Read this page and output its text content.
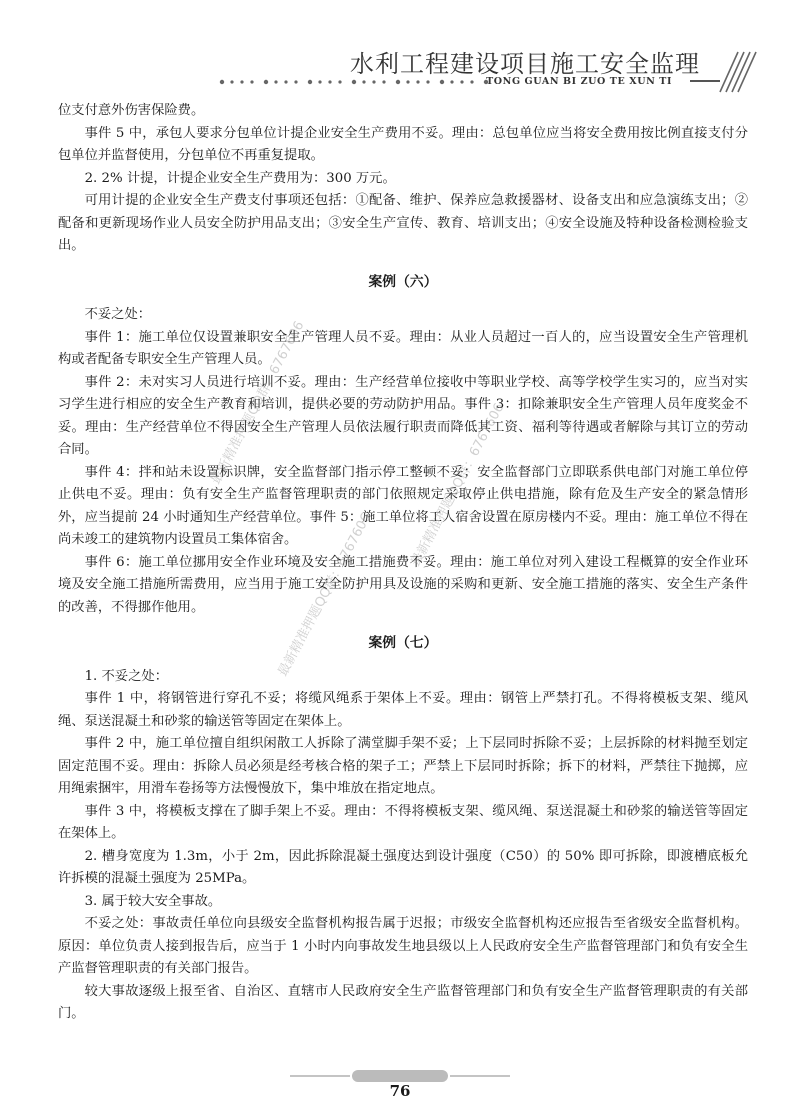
水利工程建设项目施工安全监理
TONG GUAN BI ZUO TE XUN TI

位支付意外伤害保险费。

事件 5 中，承包人要求分包单位计提企业安全生产费用不妥。理由：总包单位应当将安全费用按比例直接支付分包单位并监督使用，分包单位不再重复提取。

2. 2% 计提，计提企业安全生产费用为：300 万元。

可用计提的企业安全生产费支付事项还包括：①配备、维护、保养应急救援器材、设备支出和应急演练支出；②配备和更新现场作业人员安全防护用品支出；③安全生产宣传、教育、培训支出；④安全设施及特种设备检测检验支出。

案例（六）

不妥之处：

事件 1：施工单位仅设置兼职安全生产管理人员不妥。理由：从业人员超过一百人的，应当设置安全生产管理机构或者配备专职安全生产管理人员。

事件 2：未对实习人员进行培训不妥。理由：生产经营单位接收中等职业学校、高等学校学生实习的，应当对实习学生进行相应的安全生产教育和培训，提供必要的劳动防护用品。事件 3：扣除兼职安全生产管理人员年度奖金不妥。理由：生产经营单位不得因安全生产管理人员依法履行职责而降低其工资、福利等待遇或者解除与其订立的劳动合同。

事件 4：拌和站未设置标识牌，安全监督部门指示停工整顿不妥；安全监督部门立即联系供电部门对施工单位停止供电不妥。理由：负有安全生产监督管理职责的部门依照规定采取停止供电措施，除有危及生产安全的紧急情形外，应当提前 24 小时通知生产经营单位。事件 5：施工单位将工人宿舍设置在原房楼内不妥。理由：施工单位不得在尚未竣工的建筑物内设置员工集体宿舍。

事件 6：施工单位挪用安全作业环境及安全施工措施费不妥。理由：施工单位对列入建设工程概算的安全作业环境及安全施工措施所需费用，应当用于施工安全防护用具及设施的采购和更新、安全施工措施的落实、安全生产条件的改善，不得挪作他用。

案例（七）

1. 不妥之处：

事件 1 中，将钢管进行穿孔不妥；将缆风绳系于架体上不妥。理由：钢管上严禁打孔。不得将模板支架、缆风绳、泵送混凝土和砂浆的输送管等固定在架体上。

事件 2 中，施工单位擅自组织闲散工人拆除了满堂脚手架不妥；上下层同时拆除不妥；上层拆除的材料抛至划定固定范围不妥。理由：拆除人员必须是经考核合格的架子工；严禁上下层同时拆除；拆下的材料，严禁往下抛掷，应用绳索捆牢，用滑车卷扬等方法慢慢放下，集中堆放在指定地点。

事件 3 中，将模板支撑在了脚手架上不妥。理由：不得将模板支架、缆风绳、泵送混凝土和砂浆的输送管等固定在架体上。

2. 槽身宽度为 1.3m，小于 2m，因此拆除混凝土强度达到设计强度（C50）的 50% 即可拆除，即渡槽底板允许拆模的混凝土强度为 25MPa。

3. 属于较大安全事故。

不妥之处：事故责任单位向县级安全监督机构报告属于迟报；市级安全监督机构还应报告至省级安全监督机构。原因：单位负责人接到报告后，应当于 1 小时内向事故发生地县级以上人民政府安全生产监督管理部门和负有安全生产监督管理职责的有关部门报告。

较大事故逐级上报至省、自治区、直辖市人民政府安全生产监督管理部门和负有安全生产监督管理职责的有关部门。

最新精准押题QQ群：6767606	最新精准押题QQ群：6767606
最新精准押题QQ群：6767606
76
